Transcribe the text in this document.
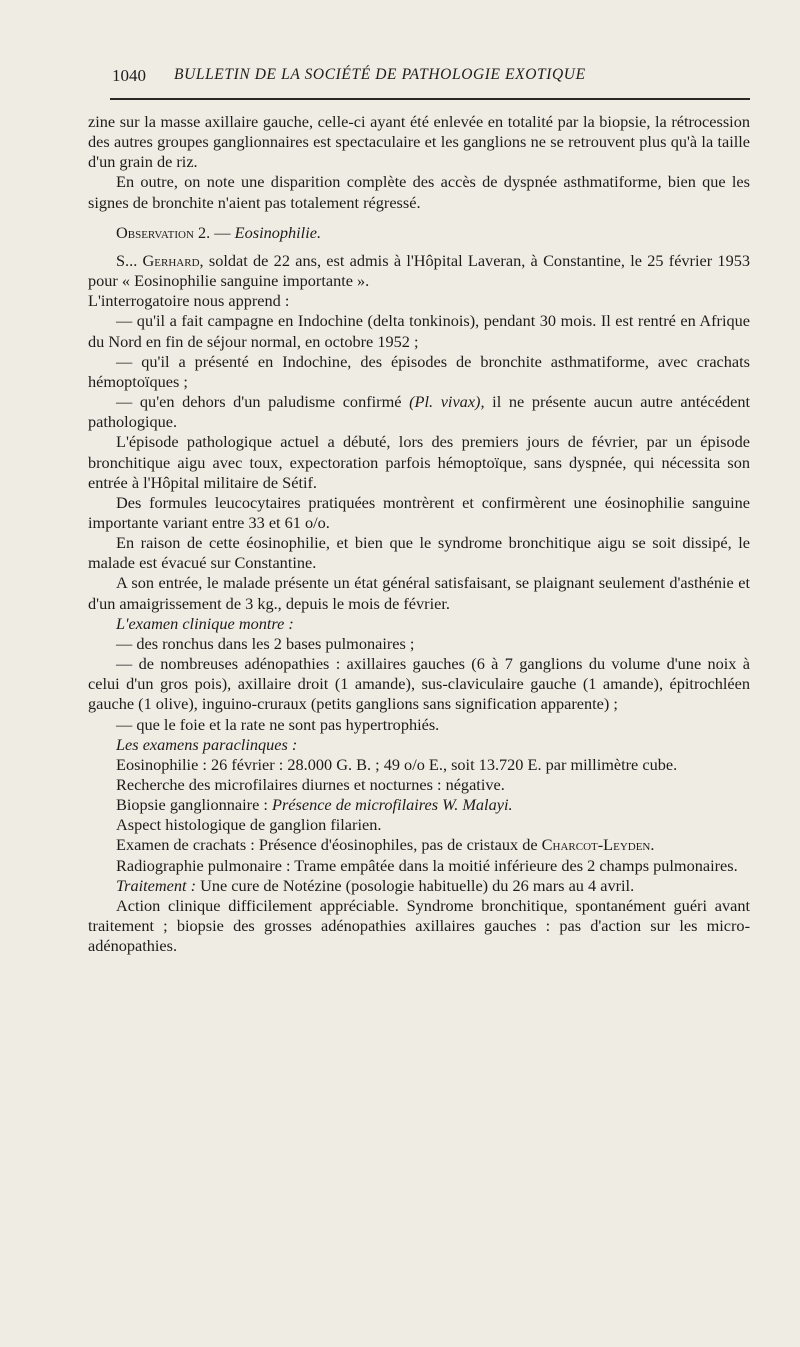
1040 BULLETIN DE LA SOCIÉTÉ DE PATHOLOGIE EXOTIQUE

zine sur la masse axillaire gauche, celle-ci ayant été enlevée en totalité par la biopsie, la rétrocession des autres groupes ganglionnaires est spectaculaire et les ganglions ne se retrouvent plus qu'à la taille d'un grain de riz.

En outre, on note une disparition complète des accès de dyspnée asthmatiforme, bien que les signes de bronchite n'aient pas totalement régressé.

Observation 2. — Eosinophilie.

S... Gerhard, soldat de 22 ans, est admis à l'Hôpital Laveran, à Constantine, le 25 février 1953 pour « Eosinophilie sanguine importante ».

L'interrogatoire nous apprend :

— qu'il a fait campagne en Indochine (delta tonkinois), pendant 30 mois. Il est rentré en Afrique du Nord en fin de séjour normal, en octobre 1952 ;

— qu'il a présenté en Indochine, des épisodes de bronchite asthmatiforme, avec crachats hémoptoïques ;

— qu'en dehors d'un paludisme confirmé (Pl. vivax), il ne présente aucun autre antécédent pathologique.

L'épisode pathologique actuel a débuté, lors des premiers jours de février, par un épisode bronchitique aigu avec toux, expectoration parfois hémoptoïque, sans dyspnée, qui nécessita son entrée à l'Hôpital militaire de Sétif.

Des formules leucocytaires pratiquées montrèrent et confirmèrent une éosinophilie sanguine importante variant entre 33 et 61 o/o.

En raison de cette éosinophilie, et bien que le syndrome bronchitique aigu se soit dissipé, le malade est évacué sur Constantine.

A son entrée, le malade présente un état général satisfaisant, se plaignant seulement d'asthénie et d'un amaigrissement de 3 kg., depuis le mois de février.

L'examen clinique montre :

— des ronchus dans les 2 bases pulmonaires ;

— de nombreuses adénopathies : axillaires gauches (6 à 7 ganglions du volume d'une noix à celui d'un gros pois), axillaire droit (1 amande), sus-claviculaire gauche (1 amande), épitrochléen gauche (1 olive), inguino-cruraux (petits ganglions sans signification apparente) ;

— que le foie et la rate ne sont pas hypertrophiés.

Les examens paraclinques :

Eosinophilie : 26 février : 28.000 G. B. ; 49 o/o E., soit 13.720 E. par millimètre cube.

Recherche des microfilaires diurnes et nocturnes : négative.

Biopsie ganglionnaire : Présence de microfilaires W. Malayi.

Aspect histologique de ganglion filarien.

Examen de crachats : Présence d'éosinophiles, pas de cristaux de Charcot-Leyden.

Radiographie pulmonaire : Trame empâtée dans la moitié inférieure des 2 champs pulmonaires.

Traitement : Une cure de Notézine (posologie habituelle) du 26 mars au 4 avril.

Action clinique difficilement appréciable. Syndrome bronchitique, spontanément guéri avant traitement ; biopsie des grosses adénopathies axillaires gauches : pas d'action sur les micro-adénopathies.
